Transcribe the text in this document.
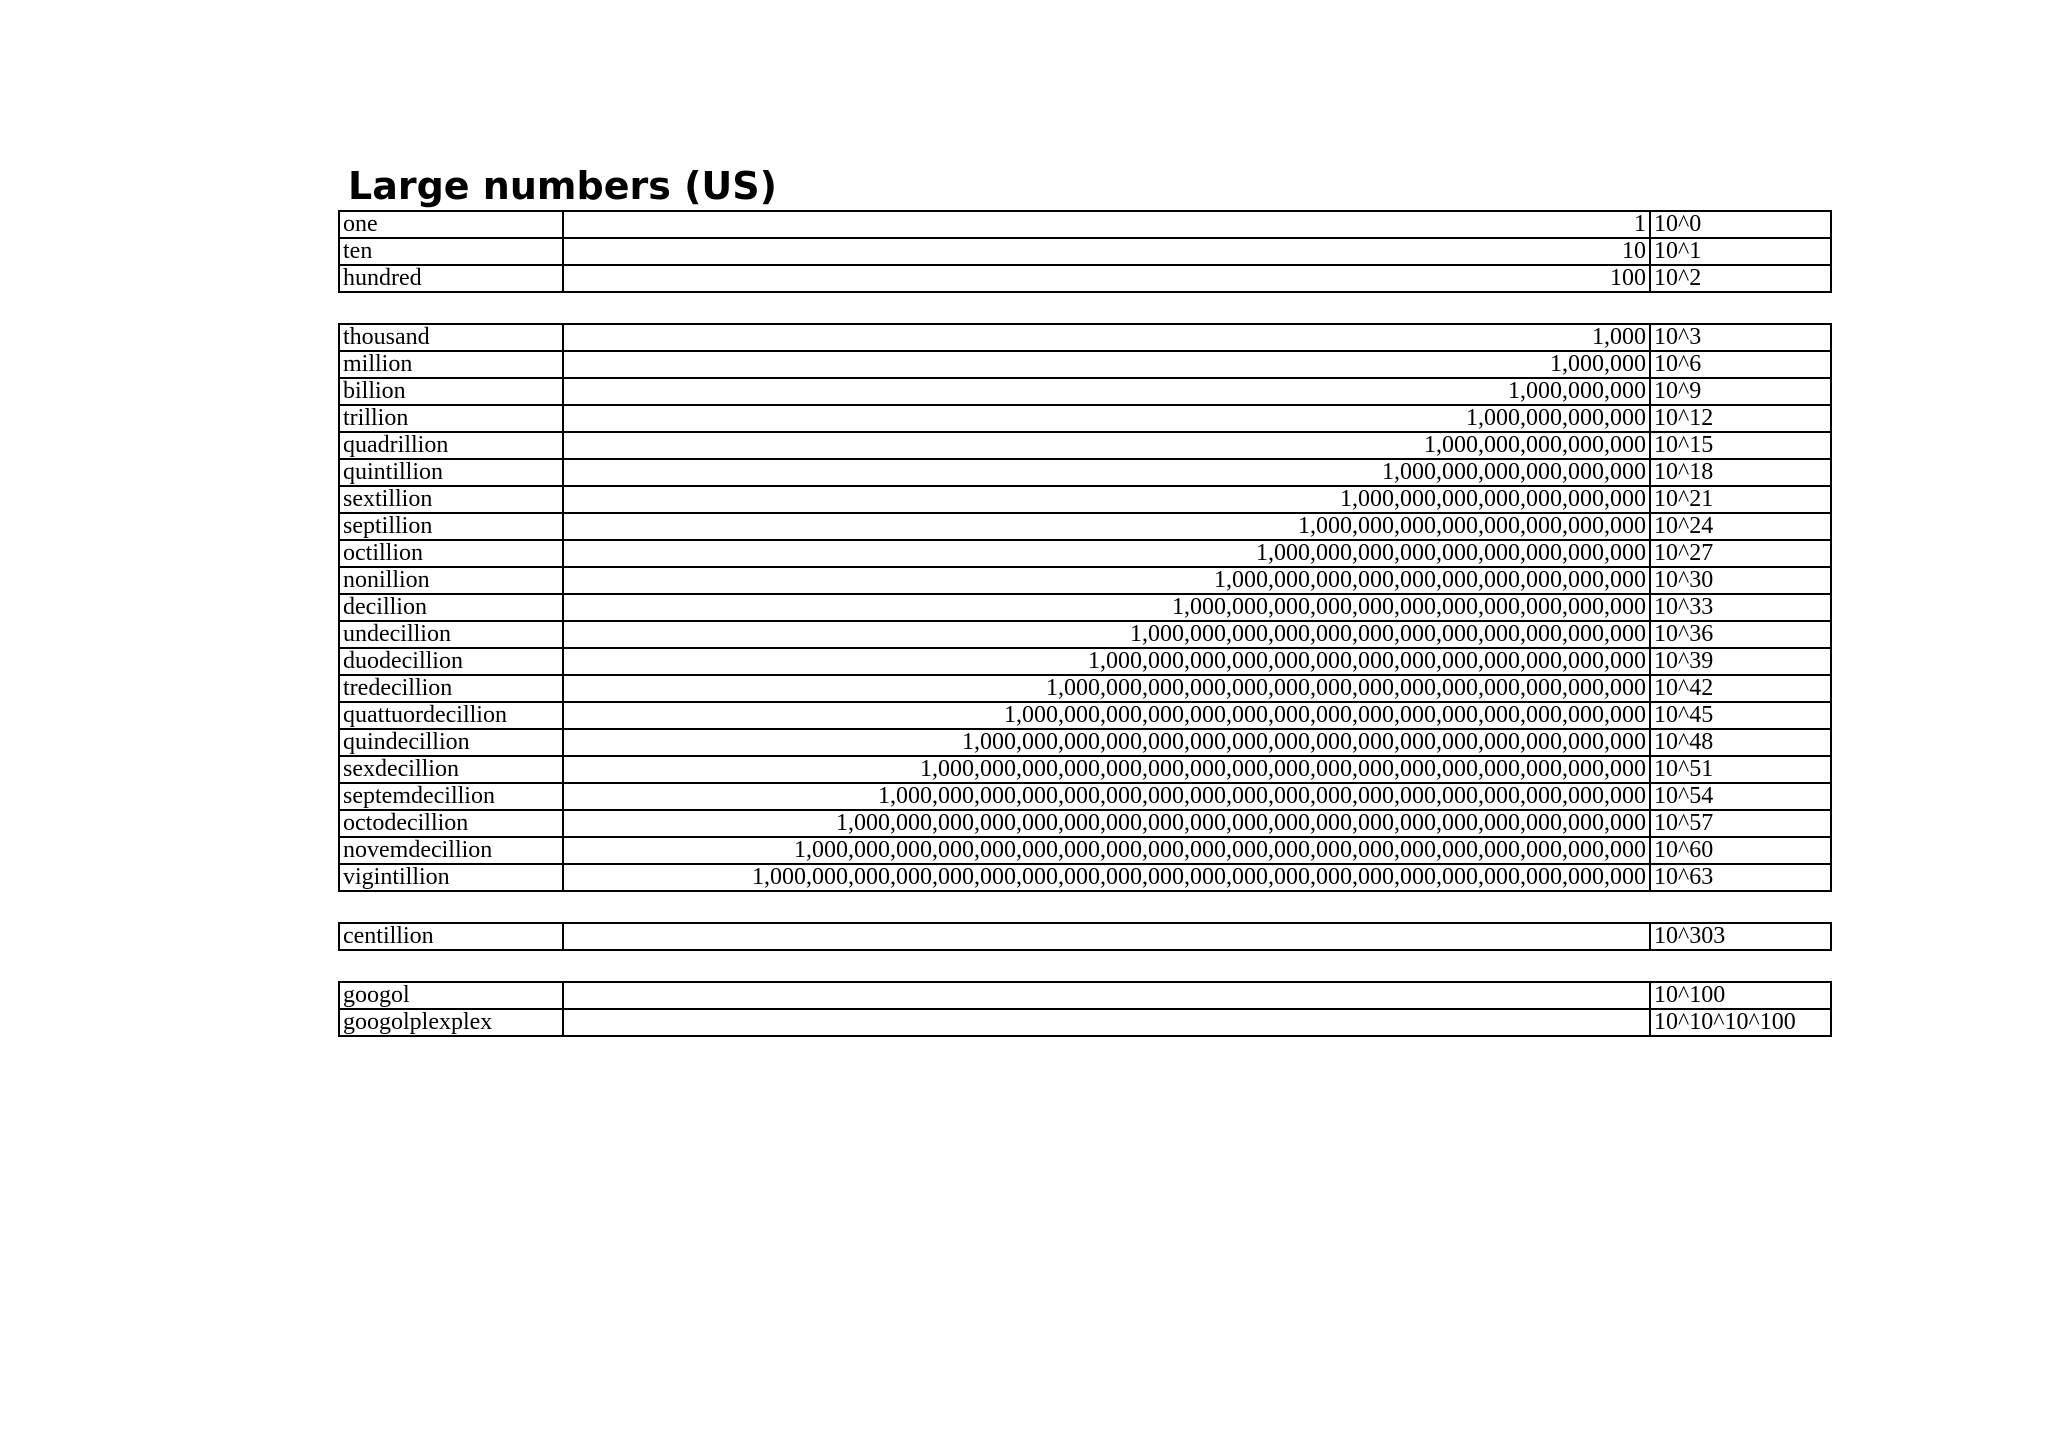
Large numbers (US)
one	1	10^0
ten	10	10^1
hundred	100	10^2
thousand	1,000	10^3
million	1,000,000	10^6
billion	1,000,000,000	10^9
trillion	1,000,000,000,000	10^12
quadrillion	1,000,000,000,000,000	10^15
quintillion	1,000,000,000,000,000,000	10^18
sextillion	1,000,000,000,000,000,000,000	10^21
septillion	1,000,000,000,000,000,000,000,000	10^24
octillion	1,000,000,000,000,000,000,000,000,000	10^27
nonillion	1,000,000,000,000,000,000,000,000,000,000	10^30
decillion	1,000,000,000,000,000,000,000,000,000,000,000	10^33
undecillion	1,000,000,000,000,000,000,000,000,000,000,000,000	10^36
duodecillion	1,000,000,000,000,000,000,000,000,000,000,000,000,000	10^39
tredecillion	1,000,000,000,000,000,000,000,000,000,000,000,000,000,000	10^42
quattuordecillion	1,000,000,000,000,000,000,000,000,000,000,000,000,000,000,000	10^45
quindecillion	1,000,000,000,000,000,000,000,000,000,000,000,000,000,000,000,000	10^48
sexdecillion	1,000,000,000,000,000,000,000,000,000,000,000,000,000,000,000,000,000	10^51
septemdecillion	1,000,000,000,000,000,000,000,000,000,000,000,000,000,000,000,000,000,000	10^54
octodecillion	1,000,000,000,000,000,000,000,000,000,000,000,000,000,000,000,000,000,000,000	10^57
novemdecillion	1,000,000,000,000,000,000,000,000,000,000,000,000,000,000,000,000,000,000,000,000	10^60
vigintillion	1,000,000,000,000,000,000,000,000,000,000,000,000,000,000,000,000,000,000,000,000,000	10^63
centillion		10^303
googol		10^100
googolplexplex		10^10^10^100
